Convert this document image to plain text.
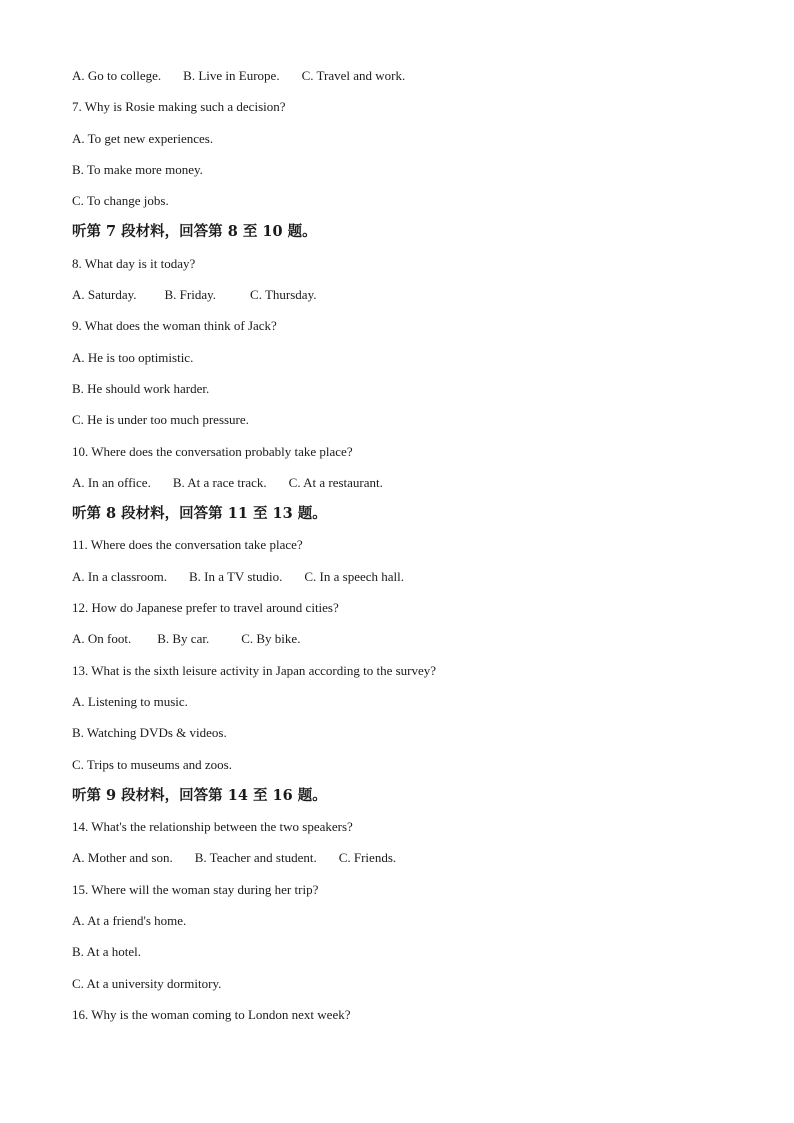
A. Go to college. B. Live in Europe. C. Travel and work.
7. Why is Rosie making such a decision?
A. To get new experiences.
B. To make more money.
C. To change jobs.
听第 7 段材料，回答第 8 至 10 题。
8. What day is it today?
A. Saturday. B. Friday.	C. Thursday.
9. What does the woman think of Jack?
A. He is too optimistic.
B. He should work harder.
C. He is under too much pressure.
10. Where does the conversation probably take place?
A. In an office. B. At a race track. C. At a restaurant.
听第 8 段材料，回答第 11 至 13 题。
11. Where does the conversation take place?
A. In a classroom. B. In a TV studio. C. In a speech hall.
12. How do Japanese prefer to travel around cities?
A. On foot. B. By car. C. By bike.
13. What is the sixth leisure activity in Japan according to the survey?
A. Listening to music.
B. Watching DVDs & videos.
C. Trips to museums and zoos.
听第 9 段材料，回答第 14 至 16 题。
14. What's the relationship between the two speakers?
A. Mother and son. B. Teacher and student. C. Friends.
15. Where will the woman stay during her trip?
A. At a friend's home.
B. At a hotel.
C. At a university dormitory.
16. Why is the woman coming to London next week?
